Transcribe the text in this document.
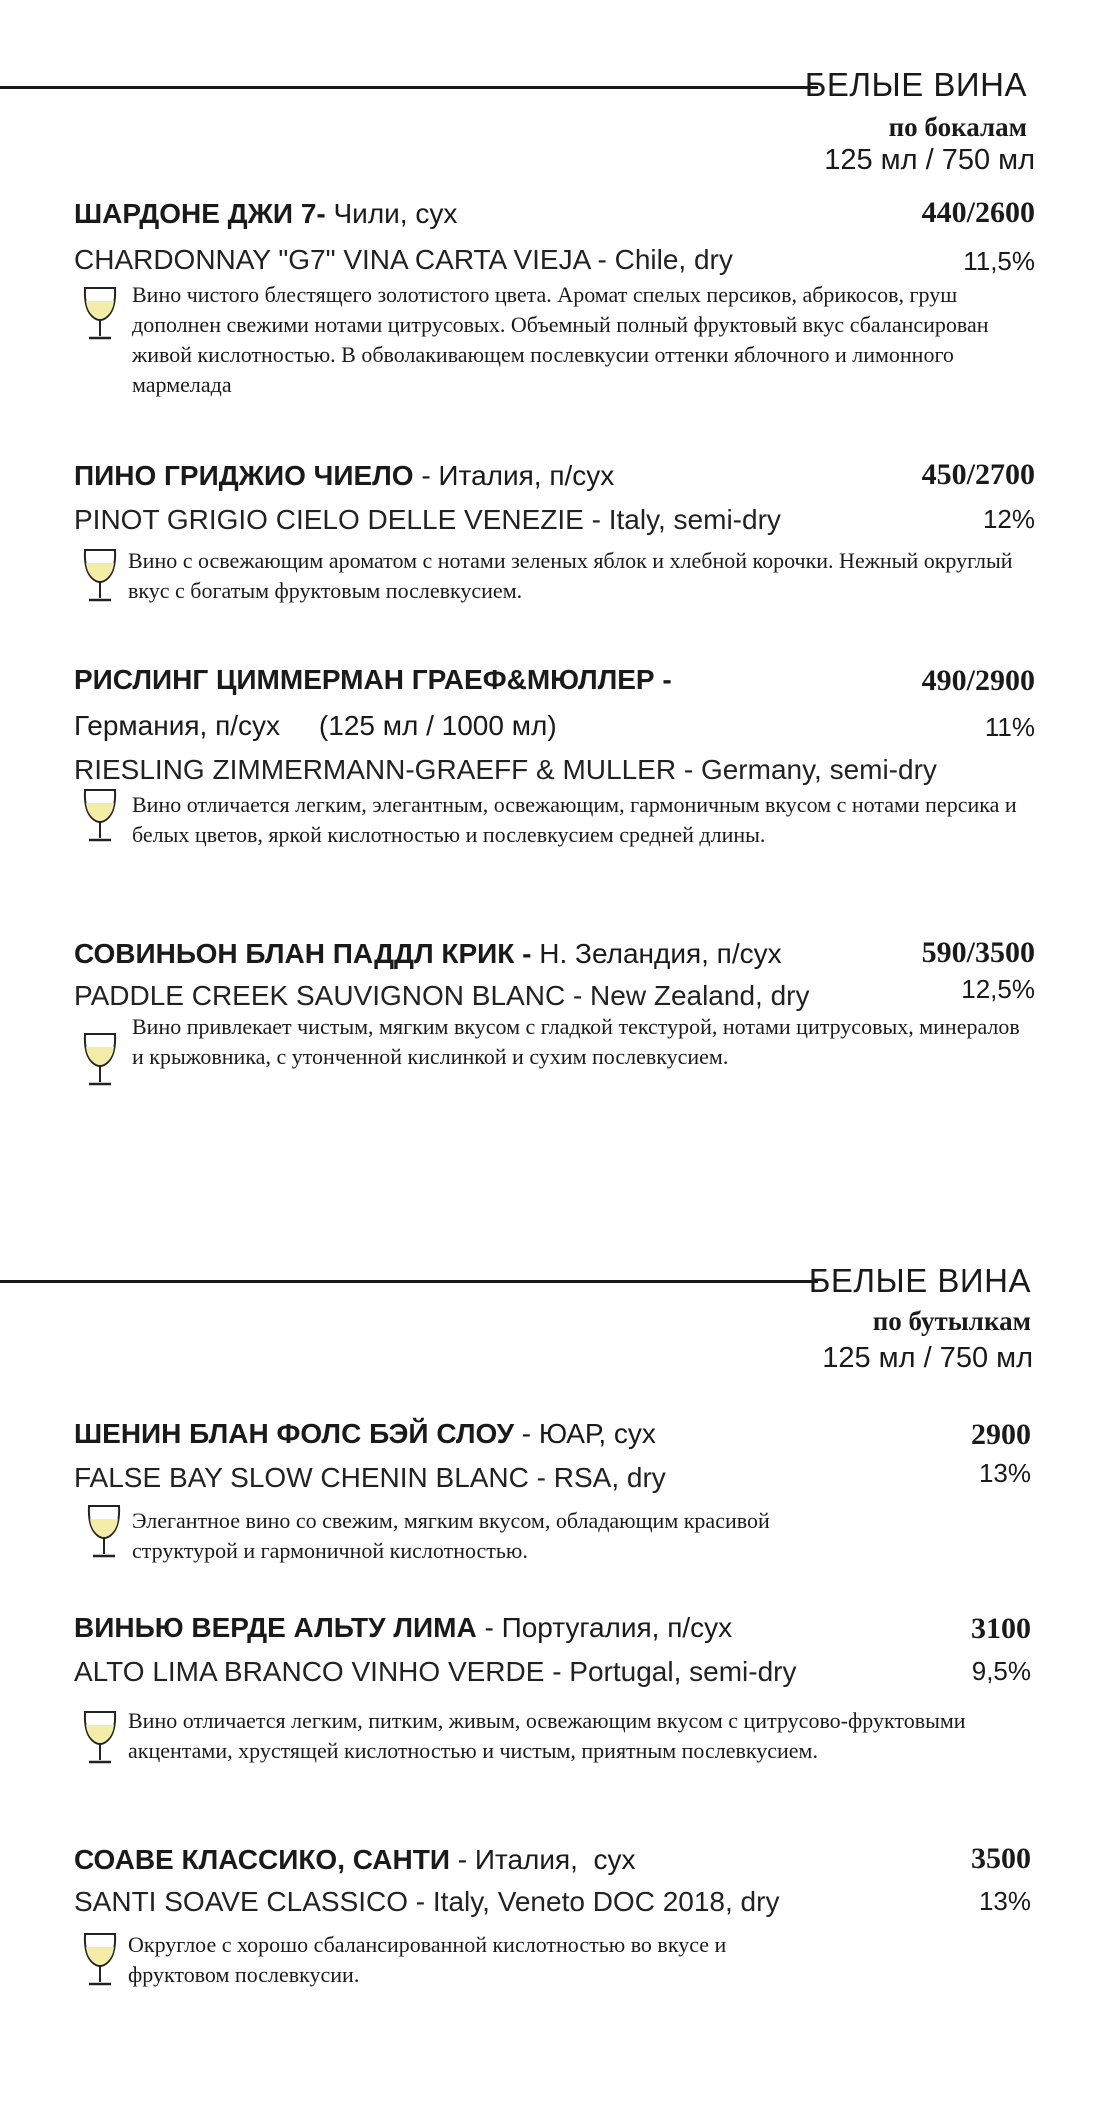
БЕЛЫЕ ВИНА
по бокалам
125 мл / 750 мл
ШАРДОНЕ ДЖИ 7- Чили, сух	440/2600
CHARDONNAY "G7" VINA CARTA VIEJA - Chile, dry	11,5%
Вино чистого блестящего золотистого цвета. Аромат спелых персиков, абрикосов, груш дополнен свежими нотами цитрусовых. Объемный полный фруктовый вкус сбалансирован живой кислотностью. В обволакивающем послевкусии оттенки яблочного и лимонного мармелада
ПИНО ГРИДЖИО ЧИЕЛО - Италия, п/сух	450/2700
PINOT GRIGIO CIELO DELLE VENEZIE - Italy, semi-dry	12%
Вино с освежающим ароматом с нотами зеленых яблок и хлебной корочки. Нежный округлый вкус с богатым фруктовым послевкусием.
РИСЛИНГ ЦИММЕРМАН ГРАЕФ&МЮЛЛЕР -	490/2900
Германия, п/сух     (125 мл / 1000 мл)	11%
RIESLING ZIMMERMANN-GRAEFF & MULLER - Germany, semi-dry
Вино отличается легким, элегантным, освежающим, гармоничным вкусом с нотами персика и белых цветов, яркой кислотностью и послевкусием средней длины.
СОВИНЬОН БЛАН ПАДДЛ КРИК - Н. Зеландия, п/сух	590/3500
PADDLE CREEK SAUVIGNON BLANC - New Zealand, dry	12,5%
Вино привлекает чистым, мягким вкусом с гладкой текстурой, нотами цитрусовых, минералов и крыжовника, с утонченной кислинкой и сухим послевкусием.
БЕЛЫЕ ВИНА
по бутылкам
125 мл / 750 мл
ШЕНИН БЛАН ФОЛС БЭЙ СЛОУ - ЮАР, сух	2900
FALSE BAY SLOW CHENIN BLANC - RSA, dry	13%
Элегантное вино со свежим, мягким вкусом, обладающим красивой структурой и гармоничной кислотностью.
ВИНЬЮ ВЕРДЕ АЛЬТУ ЛИМА - Португалия, п/сух	3100
ALTO LIMA BRANCO VINHO VERDE - Portugal, semi-dry	9,5%
Вино отличается легким, питким, живым, освежающим вкусом с цитрусово-фруктовыми акцентами, хрустящей кислотностью и чистым, приятным послевкусием.
СОАВЕ КЛАССИКО, САНТИ - Италия,  сух	3500
SANTI SOAVE CLASSICO - Italy, Veneto DOC 2018, dry	13%
Округлое с хорошо сбалансированной кислотностью во вкусе и фруктовом послевкусии.
